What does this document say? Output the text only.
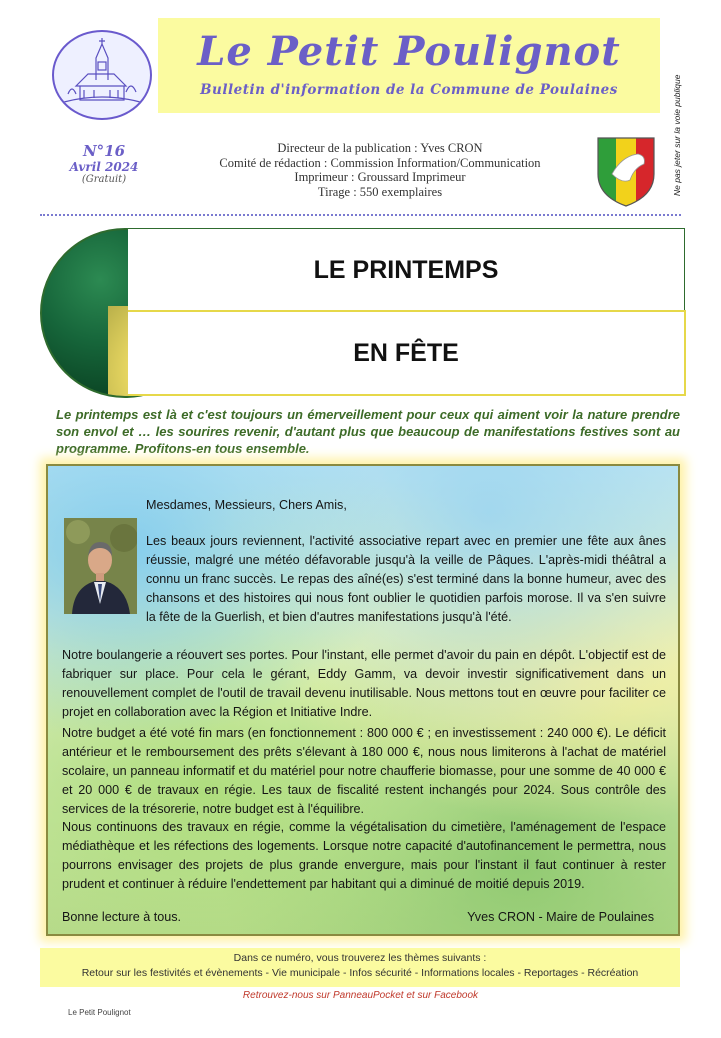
Le Petit Poulignot
Bulletin d'information de la Commune de Poulaines	Ne pas jeter sur la voie publique
N°16
Avril 2024
(Gratuit)
Directeur de la publication : Yves CRON
Comité de rédaction : Commission Information/Communication
Imprimeur : Groussard Imprimeur
Tirage : 550 exemplaires
LE PRINTEMPS
EN FÊTE
Le printemps est là et c'est toujours un émerveillement pour ceux qui aiment voir la nature prendre son envol et … les sourires revenir, d'autant plus que beaucoup de manifestations festives sont au programme. Profitons-en tous ensemble.
Mesdames, Messieurs, Chers Amis,
Les beaux jours reviennent, l'activité associative repart avec en premier une fête aux ânes réussie, malgré une météo défavorable jusqu'à la veille de Pâques. L'après-midi théâtral a connu un franc succès. Le repas des aîné(es) s'est terminé dans la bonne humeur, avec des chansons et des histoires qui nous font oublier le quotidien parfois morose. Il va s'en suivre la fête de la Guerlish, et bien d'autres manifestations jusqu'à l'été.
Notre boulangerie a réouvert ses portes. Pour l'instant, elle permet d'avoir du pain en dépôt. L'objectif est de fabriquer sur place. Pour cela le gérant, Eddy Gamm, va devoir investir significativement dans un renouvellement complet de l'outil de travail devenu inutilisable. Nous mettons tout en œuvre pour faciliter ce projet en collaboration avec la Région et Initiative Indre.
Notre budget a été voté fin mars (en fonctionnement : 800 000 € ; en investissement : 240 000 €). Le déficit antérieur et le remboursement des prêts s'élevant à 180 000 €, nous nous limiterons à l'achat de matériel scolaire, un panneau informatif et du matériel pour notre chaufferie biomasse, pour une somme de 40 000 € et 20 000 € de travaux en régie. Les taux de fiscalité restent inchangés pour 2024. Sous contrôle des services de la trésorerie, notre budget est à l'équilibre.
Nous continuons des travaux en régie, comme la végétalisation du cimetière, l'aménagement de l'espace médiathèque et les réfections des logements. Lorsque notre capacité d'autofinancement le permettra, nous pourrons envisager des projets de plus grande envergure, mais pour l'instant il faut continuer à rester prudent et continuer à réduire l'endettement par habitant qui a diminué de moitié depuis 2019.
Bonne lecture à tous.	Yves CRON - Maire de Poulaines
Dans ce numéro, vous trouverez les thèmes suivants :
Retour sur les festivités et évènements - Vie municipale - Infos sécurité - Informations locales - Reportages - Récréation
Retrouvez-nous sur PanneauPocket et sur Facebook
Le Petit Poulignot
